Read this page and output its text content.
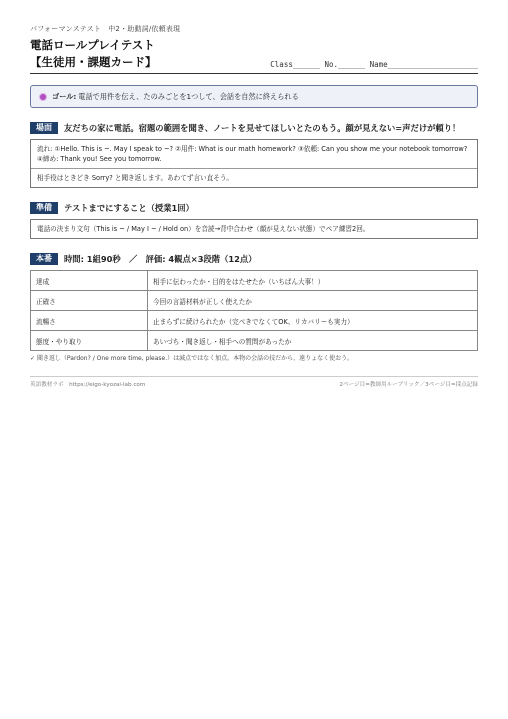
パフォーマンステスト　中2・助動詞/依頼表現
電話ロールプレイテスト
【生徒用・課題カード】	Class______ No.______ Name____________________
ゴール: 電話で用件を伝え、たのみごとを1つして、会話を自然に終えられる
場面	友だちの家に電話。宿題の範囲を聞き、ノートを見せてほしいとたのもう。顔が見えない=声だけが頼り！
流れ: ①Hello. This is ~. May I speak to ~? ②用件: What is our math homework? ③依頼: Can you show me your notebook tomorrow? ④締め: Thank you! See you tomorrow.
相手役はときどき Sorry? と聞き返します。あわてず言い直そう。
準備	テストまでにすること（授業1回）
電話の決まり文句（This is ~ / May I ~ / Hold on）を音読→背中合わせ（顔が見えない状態）でペア練習2回。
本番	時間: 1組90秒　／　評価: 4観点×3段階（12点）
達成	相手に伝わったか・目的をはたせたか（いちばん大事！）
正確さ	今回の言語材料が正しく使えたか
流暢さ	止まらずに続けられたか（完ぺきでなくてOK、リカバリーも実力）
態度・やり取り	あいづち・聞き返し・相手への質問があったか
✓ 聞き返し（Pardon? / One more time, please.）は減点ではなく加点。本物の会話の技だから、遠りょなく使おう。
英語教材ラボ　https://eigo-kyozai-lab.com	2ページ目=教師用ルーブリック／3ページ目=採点記録
